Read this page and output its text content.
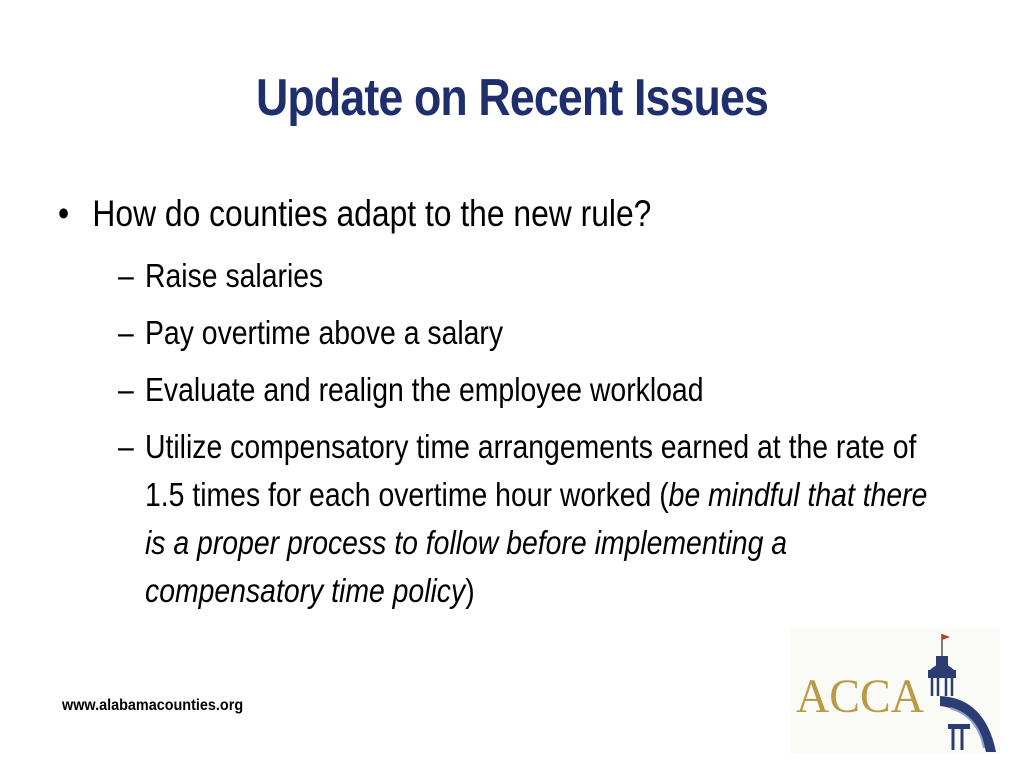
Update on Recent Issues
• How do counties adapt to the new rule?
– Raise salaries
– Pay overtime above a salary
– Evaluate and realign the employee workload
– Utilize compensatory time arrangements earned at the rate of 1.5 times for each overtime hour worked (be mindful that there is a proper process to follow before implementing a compensatory time policy)
www.alabamacounties.org	ACCA
